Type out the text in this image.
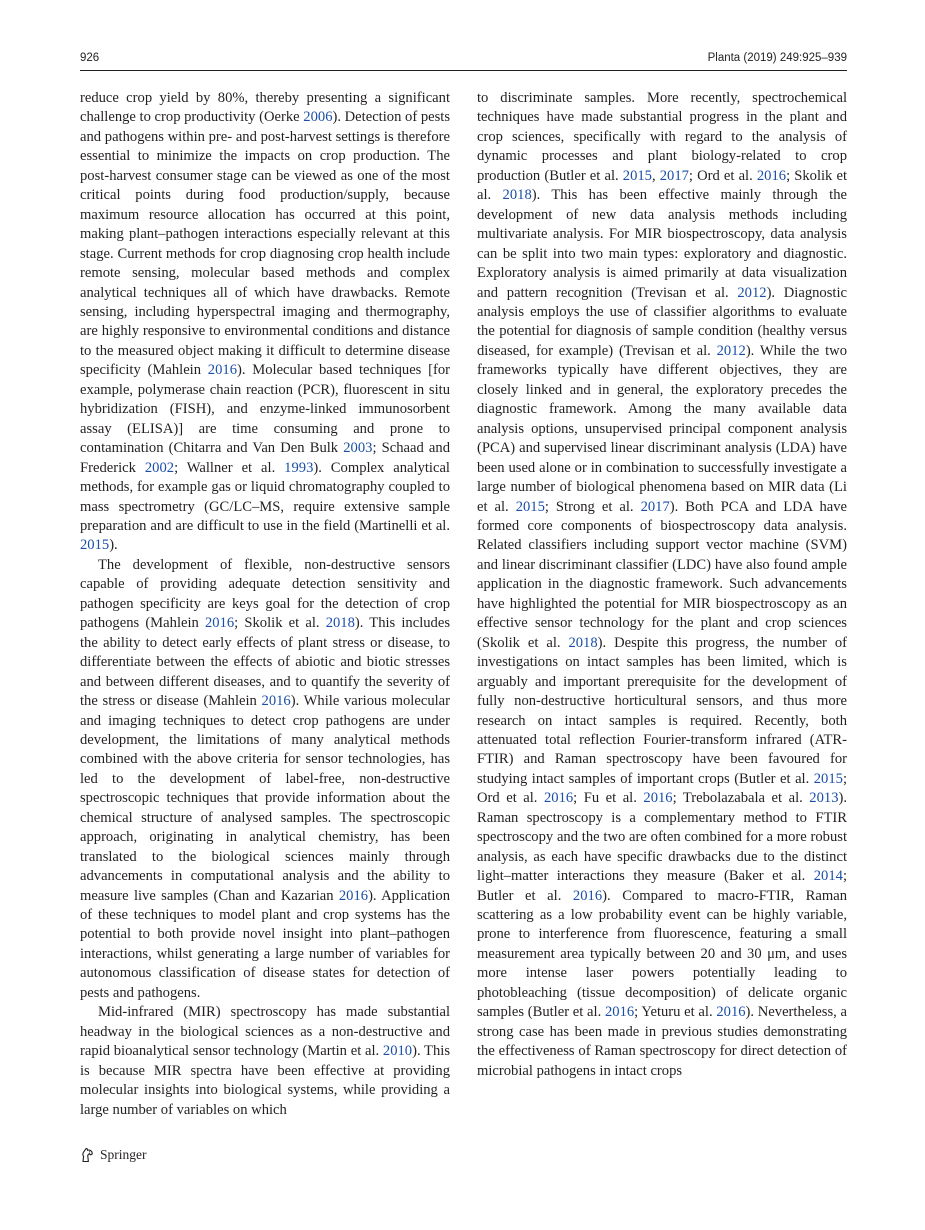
926	Planta (2019) 249:925–939

reduce crop yield by 80%, thereby presenting a significant challenge to crop productivity (Oerke 2006). Detection of pests and pathogens within pre- and post-harvest settings is therefore essential to minimize the impacts on crop production. The post-harvest consumer stage can be viewed as one of the most critical points during food production/supply, because maximum resource allocation has occurred at this point, making plant–pathogen interactions especially relevant at this stage. Current methods for crop diagnosing crop health include remote sensing, molecular based methods and complex analytical techniques all of which have drawbacks. Remote sensing, including hyperspectral imaging and thermography, are highly responsive to environmental conditions and distance to the measured object making it difficult to determine disease specificity (Mahlein 2016). Molecular based techniques [for example, polymerase chain reaction (PCR), fluorescent in situ hybridization (FISH), and enzyme-linked immunosorbent assay (ELISA)] are time consuming and prone to contamination (Chitarra and Van Den Bulk 2003; Schaad and Frederick 2002; Wallner et al. 1993). Complex analytical methods, for example gas or liquid chromatography coupled to mass spectrometry (GC/LC–MS, require extensive sample preparation and are difficult to use in the field (Martinelli et al. 2015).

The development of flexible, non-destructive sensors capable of providing adequate detection sensitivity and pathogen specificity are keys goal for the detection of crop pathogens (Mahlein 2016; Skolik et al. 2018). This includes the ability to detect early effects of plant stress or disease, to differentiate between the effects of abiotic and biotic stresses and between different diseases, and to quantify the severity of the stress or disease (Mahlein 2016). While various molecular and imaging techniques to detect crop pathogens are under development, the limitations of many analytical methods combined with the above criteria for sensor technologies, has led to the development of label-free, non-destructive spectroscopic techniques that provide information about the chemical structure of analysed samples. The spectroscopic approach, originating in analytical chemistry, has been translated to the biological sciences mainly through advancements in computational analysis and the ability to measure live samples (Chan and Kazarian 2016). Application of these techniques to model plant and crop systems has the potential to both provide novel insight into plant–pathogen interactions, whilst generating a large number of variables for autonomous classification of disease states for detection of pests and pathogens.

Mid-infrared (MIR) spectroscopy has made substantial headway in the biological sciences as a non-destructive and rapid bioanalytical sensor technology (Martin et al. 2010). This is because MIR spectra have been effective at providing molecular insights into biological systems, while providing a large number of variables on which

to discriminate samples. More recently, spectrochemical techniques have made substantial progress in the plant and crop sciences, specifically with regard to the analysis of dynamic processes and plant biology-related to crop production (Butler et al. 2015, 2017; Ord et al. 2016; Skolik et al. 2018). This has been effective mainly through the development of new data analysis methods including multivariate analysis. For MIR biospectroscopy, data analysis can be split into two main types: exploratory and diagnostic. Exploratory analysis is aimed primarily at data visualization and pattern recognition (Trevisan et al. 2012). Diagnostic analysis employs the use of classifier algorithms to evaluate the potential for diagnosis of sample condition (healthy versus diseased, for example) (Trevisan et al. 2012). While the two frameworks typically have different objectives, they are closely linked and in general, the exploratory precedes the diagnostic framework. Among the many available data analysis options, unsupervised principal component analysis (PCA) and supervised linear discriminant analysis (LDA) have been used alone or in combination to successfully investigate a large number of biological phenomena based on MIR data (Li et al. 2015; Strong et al. 2017). Both PCA and LDA have formed core components of biospectroscopy data analysis. Related classifiers including support vector machine (SVM) and linear discriminant classifier (LDC) have also found ample application in the diagnostic framework. Such advancements have highlighted the potential for MIR biospectroscopy as an effective sensor technology for the plant and crop sciences (Skolik et al. 2018). Despite this progress, the number of investigations on intact samples has been limited, which is arguably and important prerequisite for the development of fully non-destructive horticultural sensors, and thus more research on intact samples is required. Recently, both attenuated total reflection Fourier-transform infrared (ATR-FTIR) and Raman spectroscopy have been favoured for studying intact samples of important crops (Butler et al. 2015; Ord et al. 2016; Fu et al. 2016; Trebolazabala et al. 2013). Raman spectroscopy is a complementary method to FTIR spectroscopy and the two are often combined for a more robust analysis, as each have specific drawbacks due to the distinct light–matter interactions they measure (Baker et al. 2014; Butler et al. 2016). Compared to macro-FTIR, Raman scattering as a low probability event can be highly variable, prone to interference from fluorescence, featuring a small measurement area typically between 20 and 30 μm, and uses more intense laser powers potentially leading to photobleaching (tissue decomposition) of delicate organic samples (Butler et al. 2016; Yeturu et al. 2016). Nevertheless, a strong case has been made in previous studies demonstrating the effectiveness of Raman spectroscopy for direct detection of microbial pathogens in intact crops

Springer
